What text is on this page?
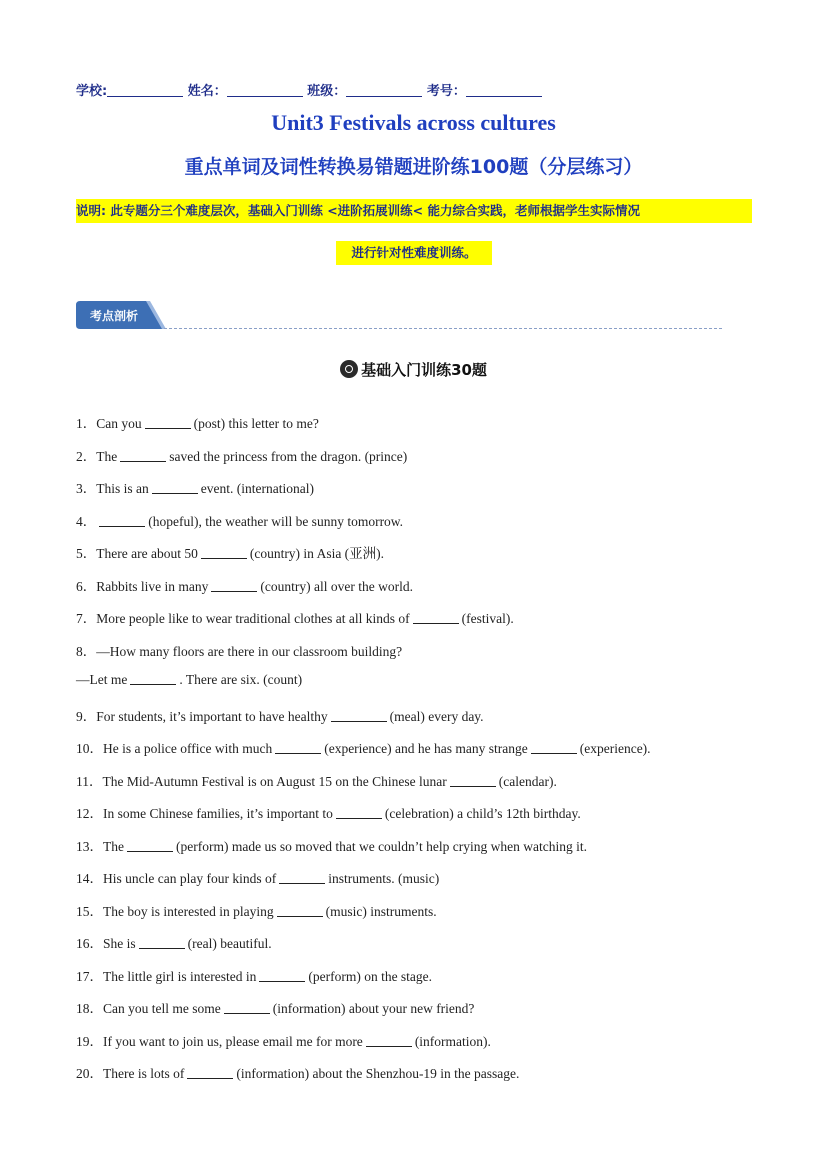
学校:	姓名：	班级：	考号：
Unit3 Festivals across cultures
重点单词及词性转换易错题进阶练100题（分层练习）
说明: 此专题分三个难度层次，基础入门训练 <进阶拓展训练< 能力综合实践，老师根据学生实际情况
进行针对性难度训练。
考点剖析
基础入门训练30题
1．Can you	(post) this letter to me?
2．The	saved the princess from the dragon. (prince)
3．This is an	event. (international)
4．	(hopeful), the weather will be sunny tomorrow.
5．There are about 50	(country) in Asia (亚洲).
6．Rabbits live in many	(country) all over the world.
7．More people like to wear traditional clothes at all kinds of	(festival).
8．—How many floors are there in our classroom building?
—Let me	. There are six. (count)
9．For students, it’s important to have healthy	(meal) every day.
10．He is a police office with much	(experience) and he has many strange	(experience).
11．The Mid-Autumn Festival is on August 15 on the Chinese lunar	(calendar).
12．In some Chinese families, it’s important to	(celebration) a child’s 12th birthday.
13．The	(perform) made us so moved that we couldn’t help crying when watching it.
14．His uncle can play four kinds of	instruments. (music)
15．The boy is interested in playing	(music) instruments.
16．She is	(real) beautiful.
17．The little girl is interested in	(perform) on the stage.
18．Can you tell me some	(information) about your new friend?
19．If you want to join us, please email me for more	(information).
20．There is lots of	(information) about the Shenzhou-19 in the passage.
